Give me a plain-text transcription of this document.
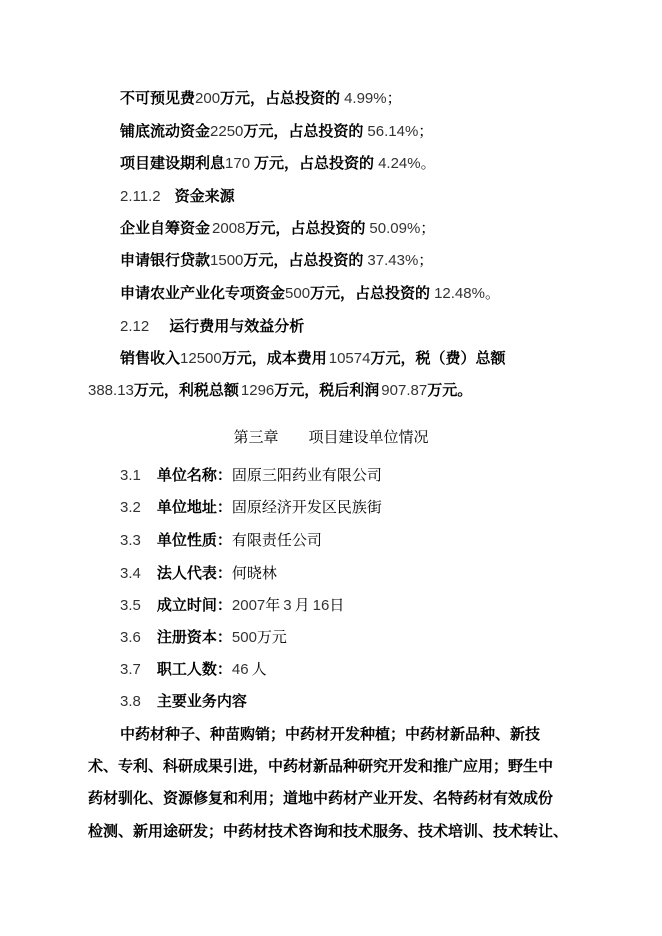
不可预见费200万元，占总投资的 4.99%；
铺底流动资金2250万元，占总投资的 56.14%；
项目建设期利息170 万元，占总投资的 4.24%。
2.11.2 资金来源
企业自筹资金 2008万元，占总投资的 50.09%；
申请银行贷款1500万元，占总投资的 37.43%；
申请农业产业化专项资金500万元，占总投资的 12.48%。
2.12 运行费用与效益分析
销售收入12500万元，成本费用 10574万元，税（费）总额
388.13万元，利税总额 1296万元，税后利润 907.87万元。
第三章 项目建设单位情况
3.1 单位名称：固原三阳药业有限公司
3.2 单位地址：固原经济开发区民族街
3.3 单位性质：有限责任公司
3.4 法人代表：何晓林
3.5 成立时间：2007年 3 月 16日
3.6 注册资本：500万元
3.7 职工人数：46 人
3.8 主要业务内容
中药材种子、种苗购销；中药材开发种植；中药材新品种、新技
术、专利、科研成果引进，中药材新品种研究开发和推广应用；野生中
药材驯化、资源修复和利用；道地中药材产业开发、名特药材有效成份
检测、新用途研发；中药材技术咨询和技术服务、技术培训、技术转让、
